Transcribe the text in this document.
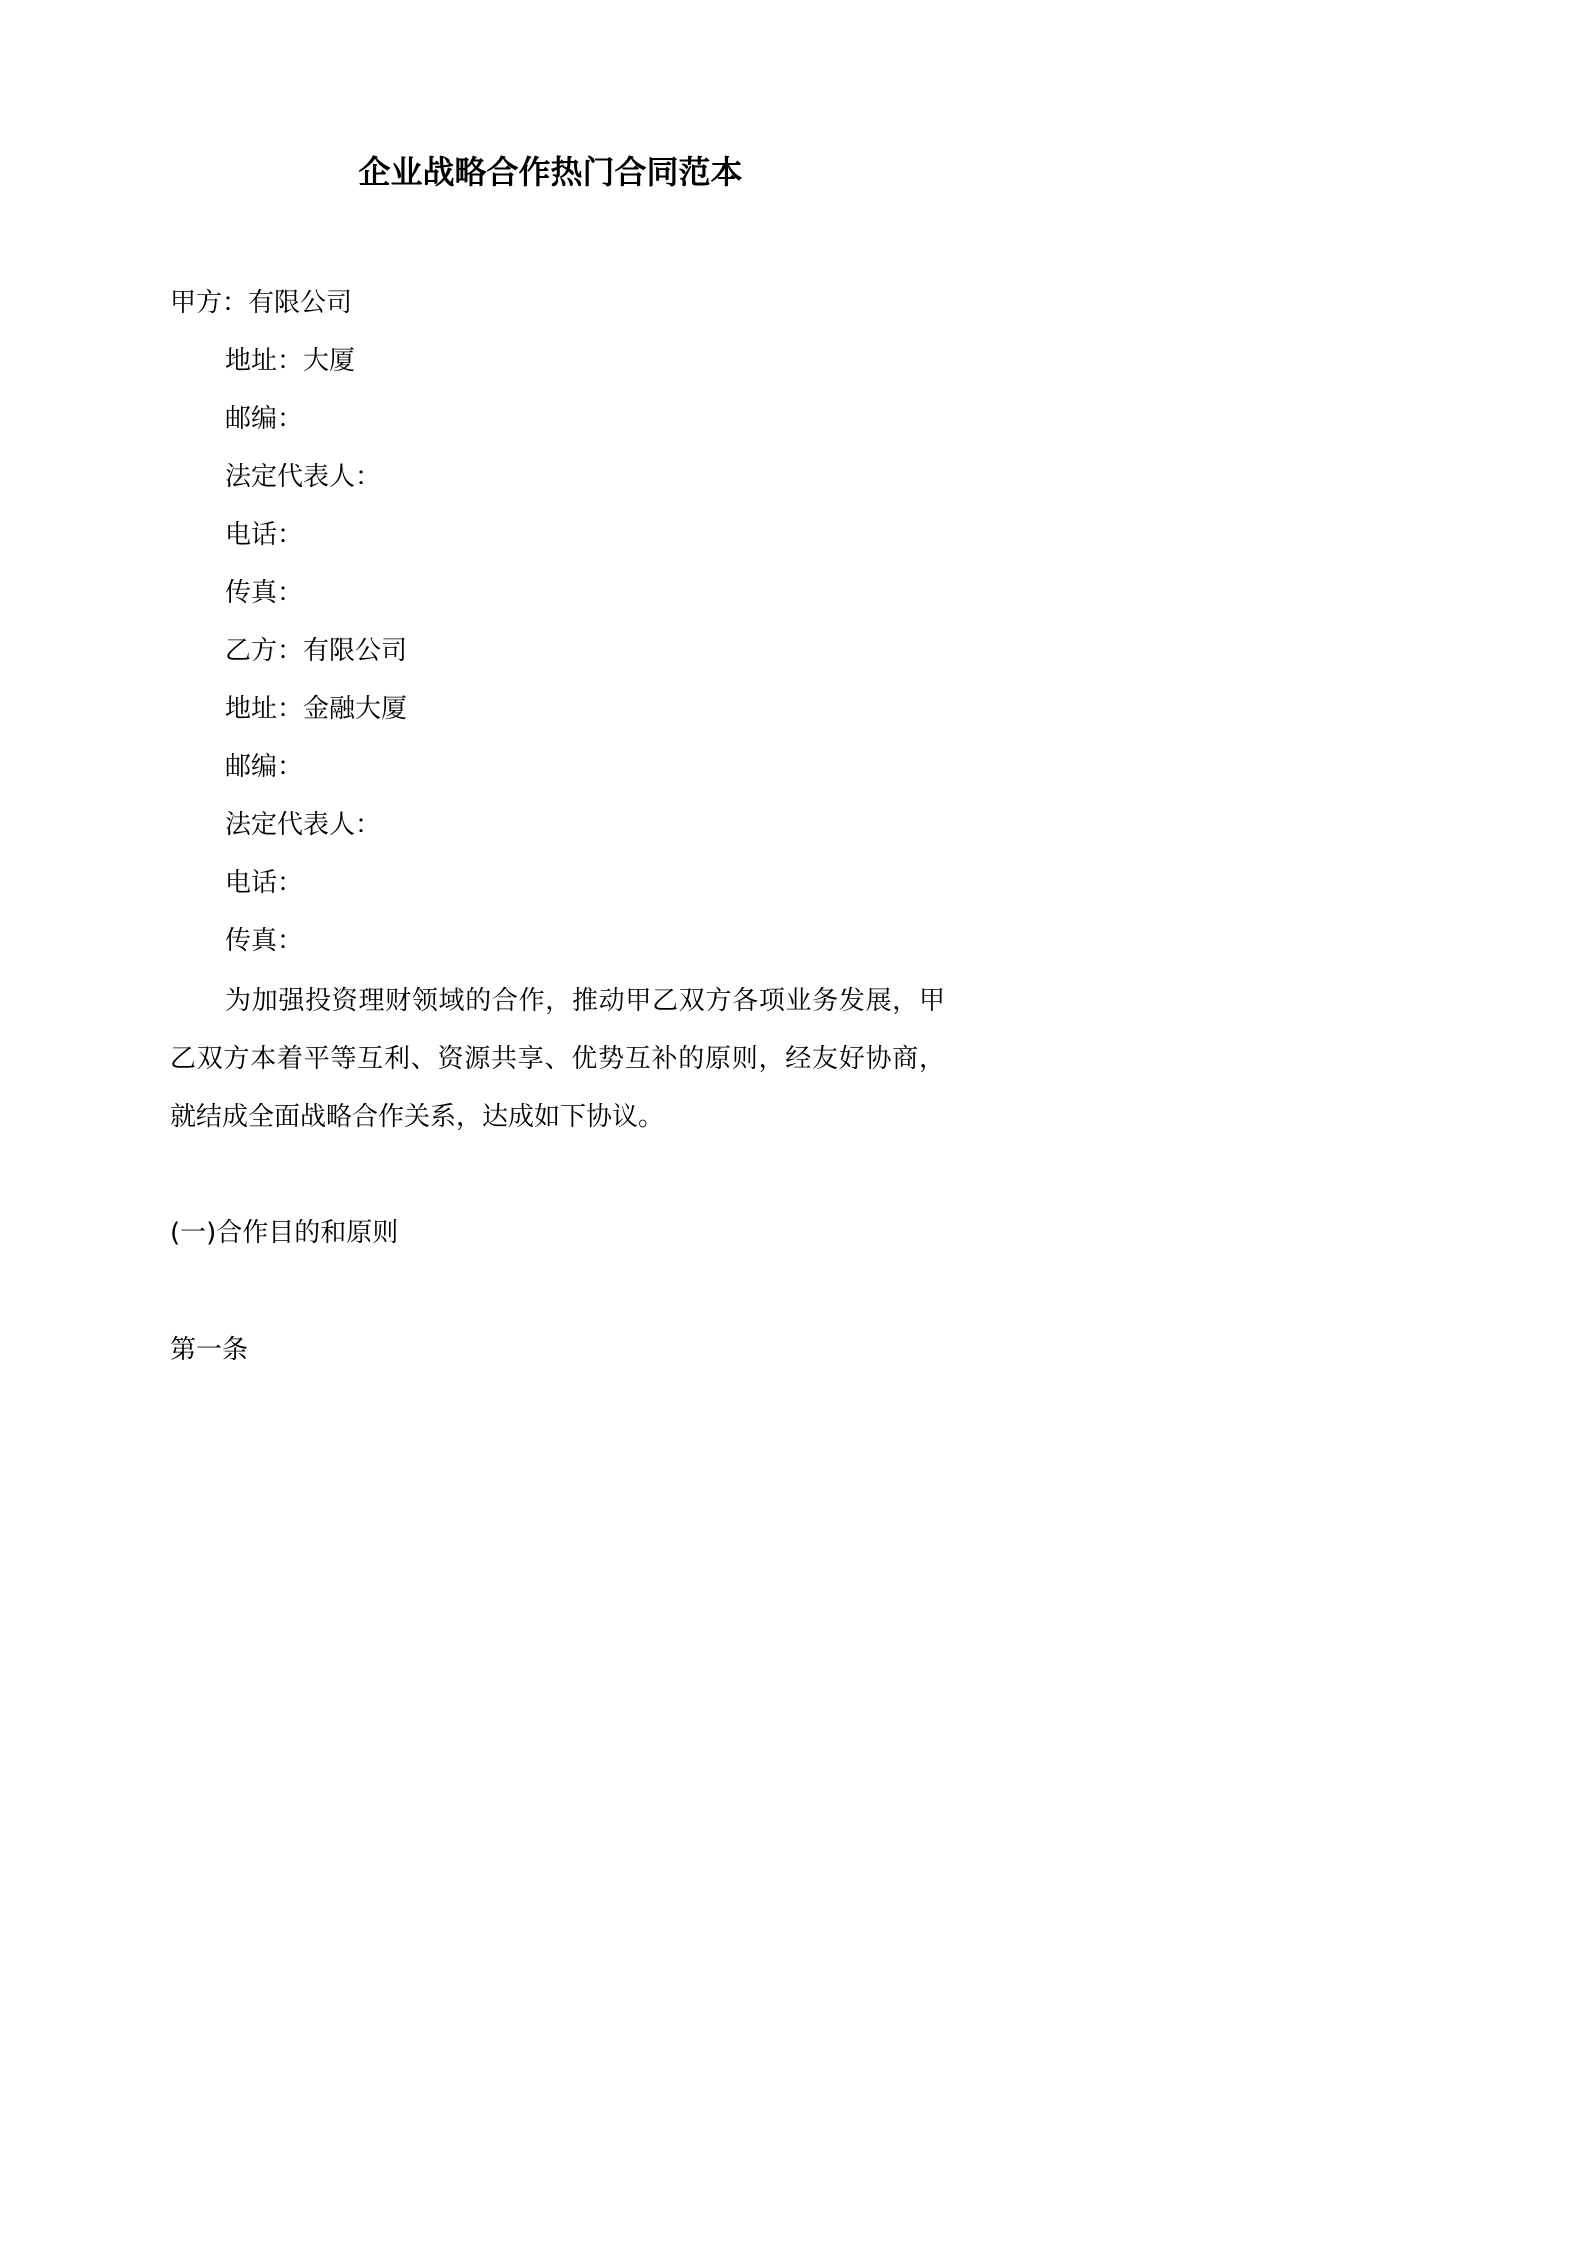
企业战略合作热门合同范本
甲方：有限公司
地址：大厦
邮编：
法定代表人：
电话：
传真：
乙方：有限公司
地址：金融大厦
邮编：
法定代表人：
电话：
传真：

为加强投资理财领域的合作，推动甲乙双方各项业务发展，甲乙双方本着平等互利、资源共享、优势互补的原则，经友好协商，就结成全面战略合作关系，达成如下协议。

(一)合作目的和原则
第一条
